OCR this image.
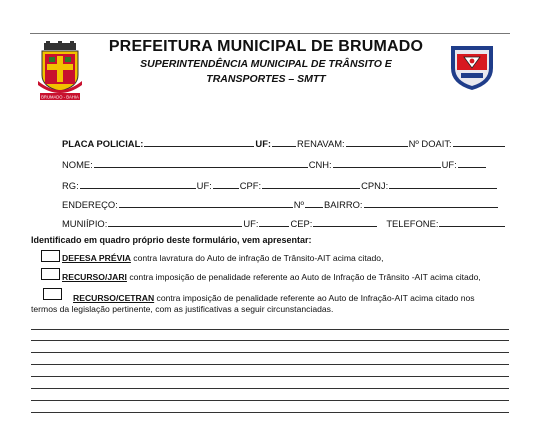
BRUMADO - BAHIA
PREFEITURA MUNICIPAL DE BRUMADO
SUPERINTENDÊNCIA MUNICIPAL DE TRÂNSITO E
TRANSPORTES – SMTT
PLACA POLICIAL:	UF:	RENAVAM:	Nº DOAIT:
NOME:	CNH:	UF:
RG:	UF:	CPF:	CPNJ:
ENDEREÇO:	Nº BAIRRO:
MUNIÍPIO:	UF:	CEP:	TELEFONE:
Identificado em quadro próprio deste formulário, vem apresentar:
DEFESA PRÉVIA contra lavratura do Auto de infração de Trânsito-AIT acima citado,
RECURSO/JARI contra imposição de penalidade referente ao Auto de Infração de Trânsito -AIT acima citado,
RECURSO/CETRAN contra imposição de penalidade referente ao Auto de Infração-AIT acima citado nos
termos da legislação pertinente, com as justificativas a seguir circunstanciadas.
